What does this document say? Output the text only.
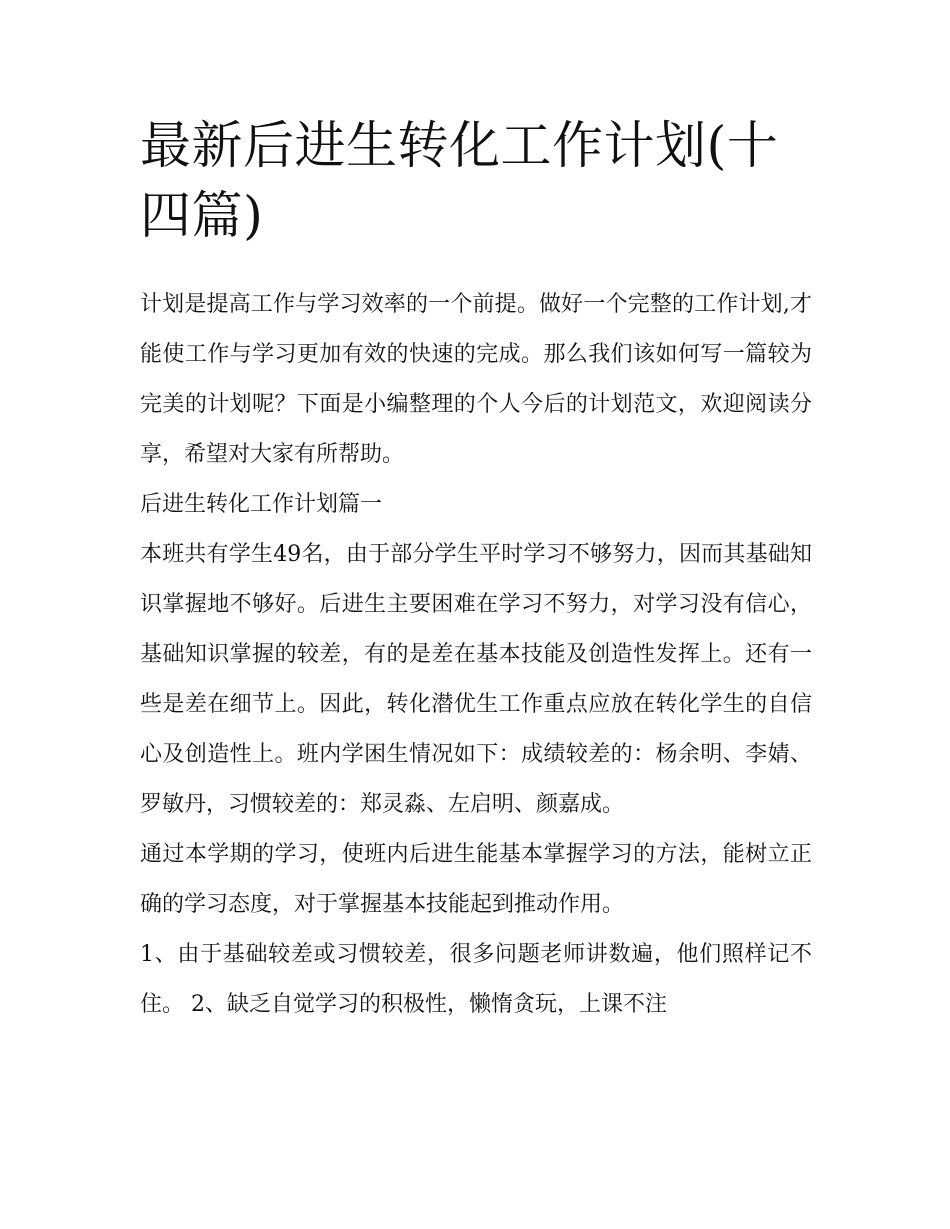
最新后进生转化工作计划(十四篇)

计划是提高工作与学习效率的一个前提。做好一个完整的工作计划,才能使工作与学习更加有效的快速的完成。那么我们该如何写一篇较为完美的计划呢？下面是小编整理的个人今后的计划范文，欢迎阅读分享，希望对大家有所帮助。

后进生转化工作计划篇一

本班共有学生49名，由于部分学生平时学习不够努力，因而其基础知识掌握地不够好。后进生主要困难在学习不努力，对学习没有信心，基础知识掌握的较差，有的是差在基本技能及创造性发挥上。还有一些是差在细节上。因此，转化潜优生工作重点应放在转化学生的自信心及创造性上。班内学困生情况如下：成绩较差的：杨余明、李婧、罗敏丹，习惯较差的：郑灵淼、左启明、颜嘉成。

通过本学期的学习，使班内后进生能基本掌握学习的方法，能树立正确的学习态度，对于掌握基本技能起到推动作用。

1、由于基础较差或习惯较差，很多问题老师讲数遍，他们照样记不住。 2、缺乏自觉学习的积极性，懒惰贪玩，上课不注
